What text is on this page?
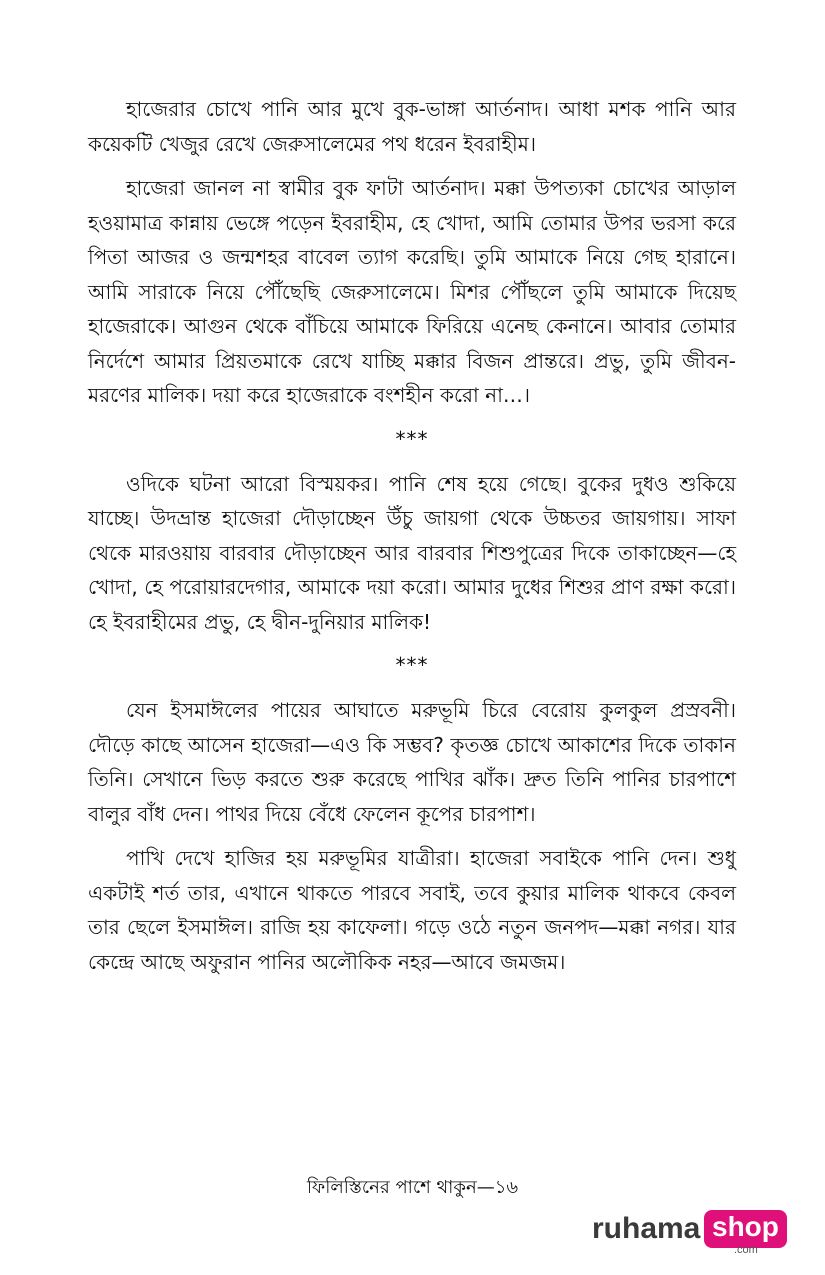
হাজেরার চোখে পানি আর মুখে বুক-ভাঙ্গা আর্তনাদ। আধা মশক পানি আর কয়েকটি খেজুর রেখে জেরুসালেমের পথ ধরেন ইবরাহীম।

হাজেরা জানল না স্বামীর বুক ফাটা আর্তনাদ। মক্কা উপত্যকা চোখের আড়াল হওয়ামাত্র কান্নায় ভেঙ্গে পড়েন ইবরাহীম, হে খোদা, আমি তোমার উপর ভরসা করে পিতা আজর ও জন্মশহর বাবেল ত্যাগ করেছি। তুমি আমাকে নিয়ে গেছ হারানে। আমি সারাকে নিয়ে পৌঁছেছি জেরুসালেমে। মিশর পৌঁছলে তুমি আমাকে দিয়েছ হাজেরাকে। আগুন থেকে বাঁচিয়ে আমাকে ফিরিয়ে এনেছ কেনানে। আবার তোমার নির্দেশে আমার প্রিয়তমাকে রেখে যাচ্ছি মক্কার বিজন প্রান্তরে। প্রভু, তুমি জীবন-মরণের মালিক। দয়া করে হাজেরাকে বংশহীন করো না…।

***

ওদিকে ঘটনা আরো বিস্ময়কর। পানি শেষ হয়ে গেছে। বুকের দুধও শুকিয়ে যাচ্ছে। উদভ্রান্ত হাজেরা দৌড়াচ্ছেন উঁচু জায়গা থেকে উচ্চতর জায়গায়। সাফা থেকে মারওয়ায় বারবার দৌড়াচ্ছেন আর বারবার শিশুপুত্রের দিকে তাকাচ্ছেন—হে খোদা, হে পরোয়ারদেগার, আমাকে দয়া করো। আমার দুধের শিশুর প্রাণ রক্ষা করো। হে ইবরাহীমের প্রভু, হে দ্বীন-দুনিয়ার মালিক!

***

যেন ইসমাঈলের পায়ের আঘাতে মরুভূমি চিরে বেরোয় কুলকুল প্রস্রবনী। দৌড়ে কাছে আসেন হাজেরা—এও কি সম্ভব? কৃতজ্ঞ চোখে আকাশের দিকে তাকান তিনি। সেখানে ভিড় করতে শুরু করেছে পাখির ঝাঁক। দ্রুত তিনি পানির চারপাশে বালুর বাঁধ দেন। পাথর দিয়ে বেঁধে ফেলেন কূপের চারপাশ।

পাখি দেখে হাজির হয় মরুভূমির যাত্রীরা। হাজেরা সবাইকে পানি দেন। শুধু একটাই শর্ত তার, এখানে থাকতে পারবে সবাই, তবে কুয়ার মালিক থাকবে কেবল তার ছেলে ইসমাঈল। রাজি হয় কাফেলা। গড়ে ওঠে নতুন জনপদ—মক্কা নগর। যার কেন্দ্রে আছে অফুরান পানির অলৌকিক নহর—আবে জমজম।

ফিলিস্তিনের পাশে থাকুন—১৬
ruhama shop
.com
